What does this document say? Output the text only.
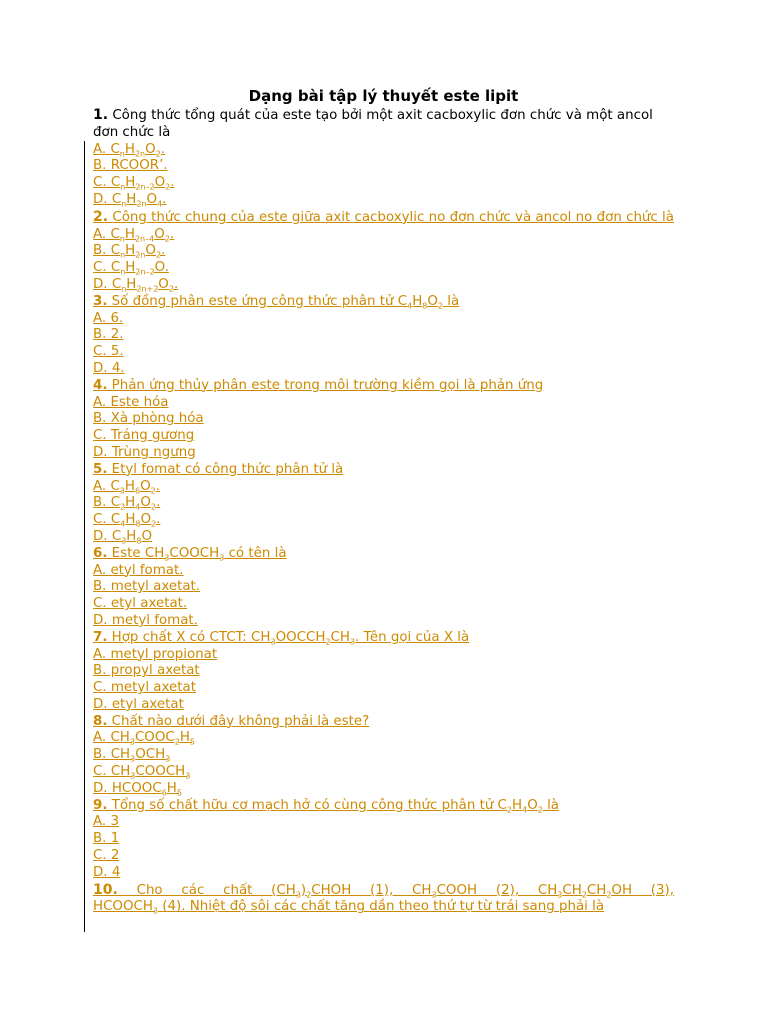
Dạng bài tập lý thuyết este lipit
1. Công thức tổng quát của este tạo bởi một axit cacboxylic đơn chức và một ancol đơn chức là
A. $C_nH_{2n}O_2$.
B. RCOOR’.
C. $C_nH_{2n-2}O_2$.
D. $C_nH_{2n}O_4$.
2. Công thức chung của este giữa axit cacboxylic no đơn chức và ancol no đơn chức là
A. $C_nH_{2n-4}O_2$.
B. $C_nH_{2n}O_2$.
C. $C_nH_{2n-2}O$.
D. $C_nH_{2n+2}O_2$.
3. Số đồng phân este ứng công thức phân tử $C_4H_8O_2$ là
A. 6.
B. 2.
C. 5.
D. 4.
4. Phản ứng thủy phân este trong môi trường kiềm gọi là phản ứng
A. Este hóa
B. Xà phòng hóa
C. Tráng gương
D. Trùng ngưng
5. Etyl fomat có công thức phân tử là
A. $C_3H_6O_2$.
B. $C_2H_4O_2$.
C. $C_4H_8O_2$.
D. $C_3H_8O$
6. Este $CH_3COOCH_3$ có tên là
A. etyl fomat.
B. metyl axetat.
C. etyl axetat.
D. metyl fomat.
7. Hợp chất X có CTCT: $CH_3OOCCH_2CH_3$. Tên gọi của X là
A. metyl propionat
B. propyl axetat
C. metyl axetat
D. etyl axetat
8. Chất nào dưới đây không phải là este?
A. $CH_3COOC_2H_5$
B. $CH_3OCH_3$
C. $CH_3COOCH_3$
D. $HCOOC_6H_5$
9. Tổng số chất hữu cơ mạch hở có cùng công thức phân tử $C_2H_4O_2$ là
A. 3
B. 1
C. 2
D. 4
10. Cho các chất $(CH_3)_2CHOH$ (1), $CH_3COOH$ (2), $CH_3CH_2CH_2OH$ (3),
$HCOOCH_3$ (4). Nhiệt độ sôi các chất tăng dần theo thứ tự từ trái sang phải là
